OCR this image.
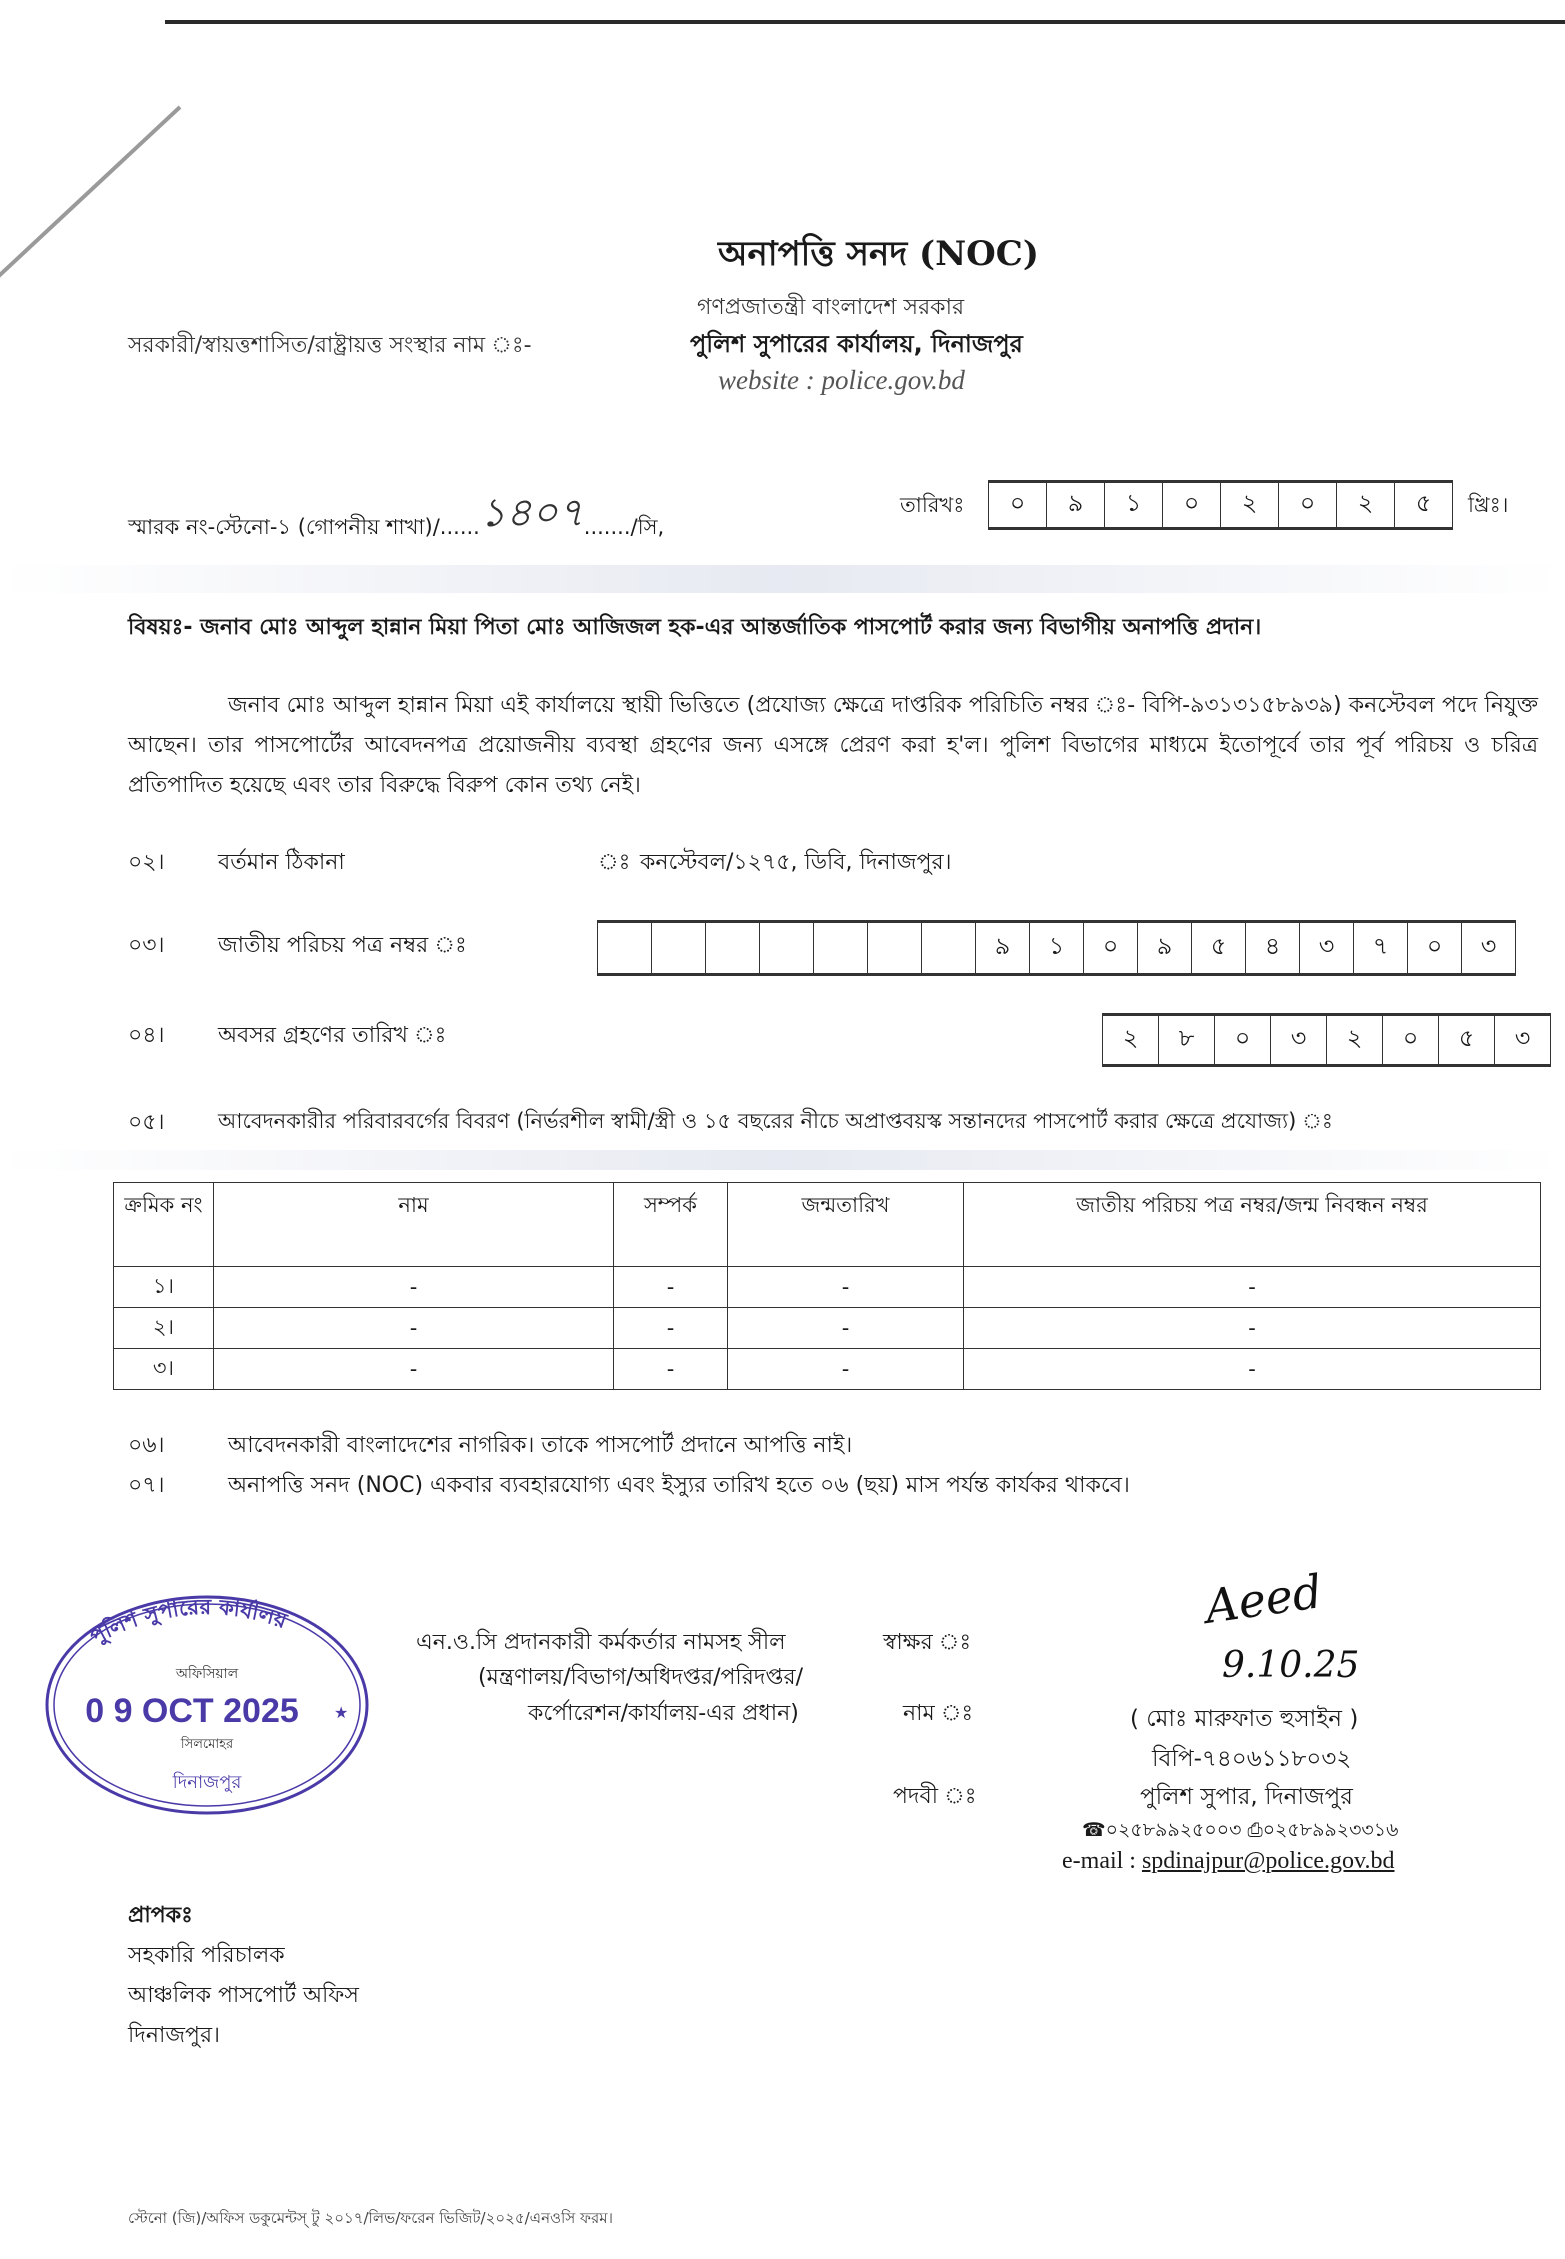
অনাপত্তি সনদ (NOC)
গণপ্রজাতন্ত্রী বাংলাদেশ সরকার
সরকারী/স্বায়ত্তশাসিত/রাষ্ট্রায়ত্ত সংস্থার নাম ঃ-	পুলিশ সুপারের কার্যালয়, দিনাজপুর
website : police.gov.bd
স্মারক নং-স্টেনো-১ (গোপনীয় শাখা)/......১৪০৭......./সি,
তারিখঃ	০	৯	১	০	২	০	২	৫	খ্রিঃ।
বিষয়ঃ- জনাব মোঃ আব্দুল হান্নান মিয়া পিতা মোঃ আজিজল হক-এর আন্তর্জাতিক পাসপোর্ট করার জন্য বিভাগীয় অনাপত্তি প্রদান।
জনাব মোঃ আব্দুল হান্নান মিয়া এই কার্যালয়ে স্থায়ী ভিত্তিতে (প্রযোজ্য ক্ষেত্রে দাপ্তরিক পরিচিতি নম্বর ঃ- বিপি-৯৩১৩১৫৮৯৩৯) কনস্টেবল পদে নিযুক্ত আছেন। তার পাসপোর্টের আবেদনপত্র প্রয়োজনীয় ব্যবস্থা গ্রহণের জন্য এসঙ্গে প্রেরণ করা হ'ল। পুলিশ বিভাগের মাধ্যমে ইতোপূর্বে তার পূর্ব পরিচয় ও চরিত্র প্রতিপাদিত হয়েছে এবং তার বিরুদ্ধে বিরুপ কোন তথ্য নেই।
০২। বর্তমান ঠিকানা	ঃ কনস্টেবল/১২৭৫, ডিবি, দিনাজপুর।
০৩। জাতীয় পরিচয় পত্র নম্বর ঃ	৯	১	০	৯	৫	৪	৩	৭	০	৩
০৪। অবসর গ্রহণের তারিখ ঃ	২	৮	০	৩	২	০	৫	৩
০৫।	আবেদনকারীর পরিবারবর্গের বিবরণ (নির্ভরশীল স্বামী/স্ত্রী ও ১৫ বছরের নীচে অপ্রাপ্তবয়স্ক সন্তানদের পাসপোর্ট করার ক্ষেত্রে প্রযোজ্য) ঃ
ক্রমিক নং	নাম	সম্পর্ক	জন্মতারিখ	জাতীয় পরিচয় পত্র নম্বর/জন্ম নিবন্ধন নম্বর
১।	-	-	-	-
২।	-	-	-	-
৩।	-	-	-	-
০৬।	আবেদনকারী বাংলাদেশের নাগরিক। তাকে পাসপোর্ট প্রদানে আপত্তি নাই।
০৭।	অনাপত্তি সনদ (NOC) একবার ব্যবহারযোগ্য এবং ইস্যুর তারিখ হতে ০৬ (ছয়) মাস পর্যন্ত কার্যকর থাকবে।
পুলিশ সুপারের কার্যালয়
অফিসিয়াল
0 9 OCT 2025
সিলমোহর
★
দিনাজপুর
এন.ও.সি প্রদানকারী কর্মকর্তার নামসহ সীল
(মন্ত্রণালয়/বিভাগ/অধিদপ্তর/পরিদপ্তর/
কর্পোরেশন/কার্যালয়-এর প্রধান)
স্বাক্ষর ঃ
নাম ঃ
পদবী ঃ
Aeed
9.10.25
( মোঃ মারুফাত হুসাইন )
বিপি-৭৪০৬১১৮০৩২
পুলিশ সুপার, দিনাজপুর
☎০২৫৮৯৯২৫০০৩ ⎙০২৫৮৯৯২৩৩১৬
e-mail : spdinajpur@police.gov.bd
প্রাপকঃ
সহকারি পরিচালক
আঞ্চলিক পাসপোর্ট অফিস
দিনাজপুর।
স্টেনো (জি)/অফিস ডকুমেন্টস্ টু ২০১৭/লিভ/ফরেন ভিজিট/২০২৫/এনওসি ফরম।
